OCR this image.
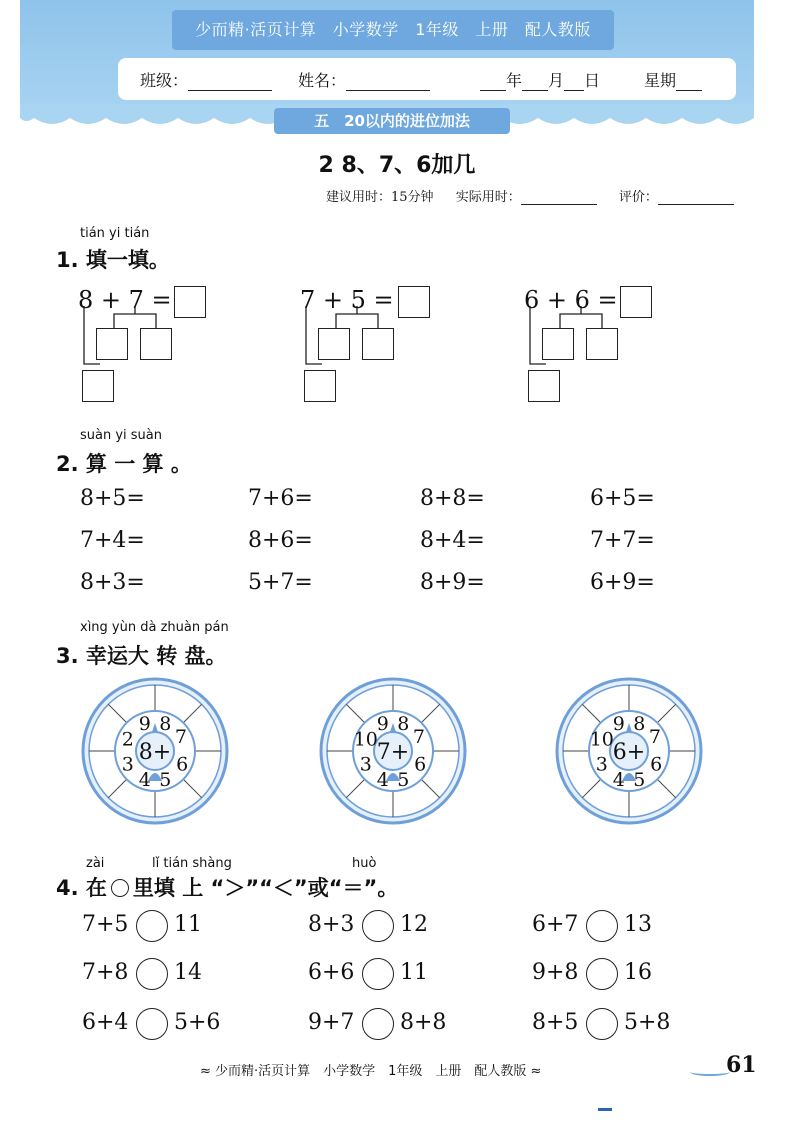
少而精·活页计算　小学数学　1年级　上册　配人教版
班级：	姓名：	年 月 日	星期
五　20以内的进位加法
2 8、7、6加几
建议用时：15分钟 实际用时：	评价：
tián yi tián
1. 填一填。
8 + 7 =	7 + 5 =	6 + 6 =
suàn yi suàn
2. 算 一 算 。
8+5=	7+6=	8+8=	6+5=
7+4=	8+6=	8+4=	7+7=
8+3=	5+7=	8+9=	6+9=
xìng yùn dà zhuàn pán
3. 幸运大 转 盘。
9 8
7
6
5
4
3
2
8+
9 8
7
6
5
4
3
10
7+
9 8
7
6
5
4
3
10
6+
zài	lǐ tián shàng	huò
4. 在 里填 上 “＞”“＜”或“＝”。
7+5 11	8+3 12	6+7 13
7+8 14	6+6 11	9+8 16
6+4 5+6	9+7 8+8	8+5 5+8
≈ 少而精·活页计算　小学数学　1年级　上册　配人教版 ≈	61
